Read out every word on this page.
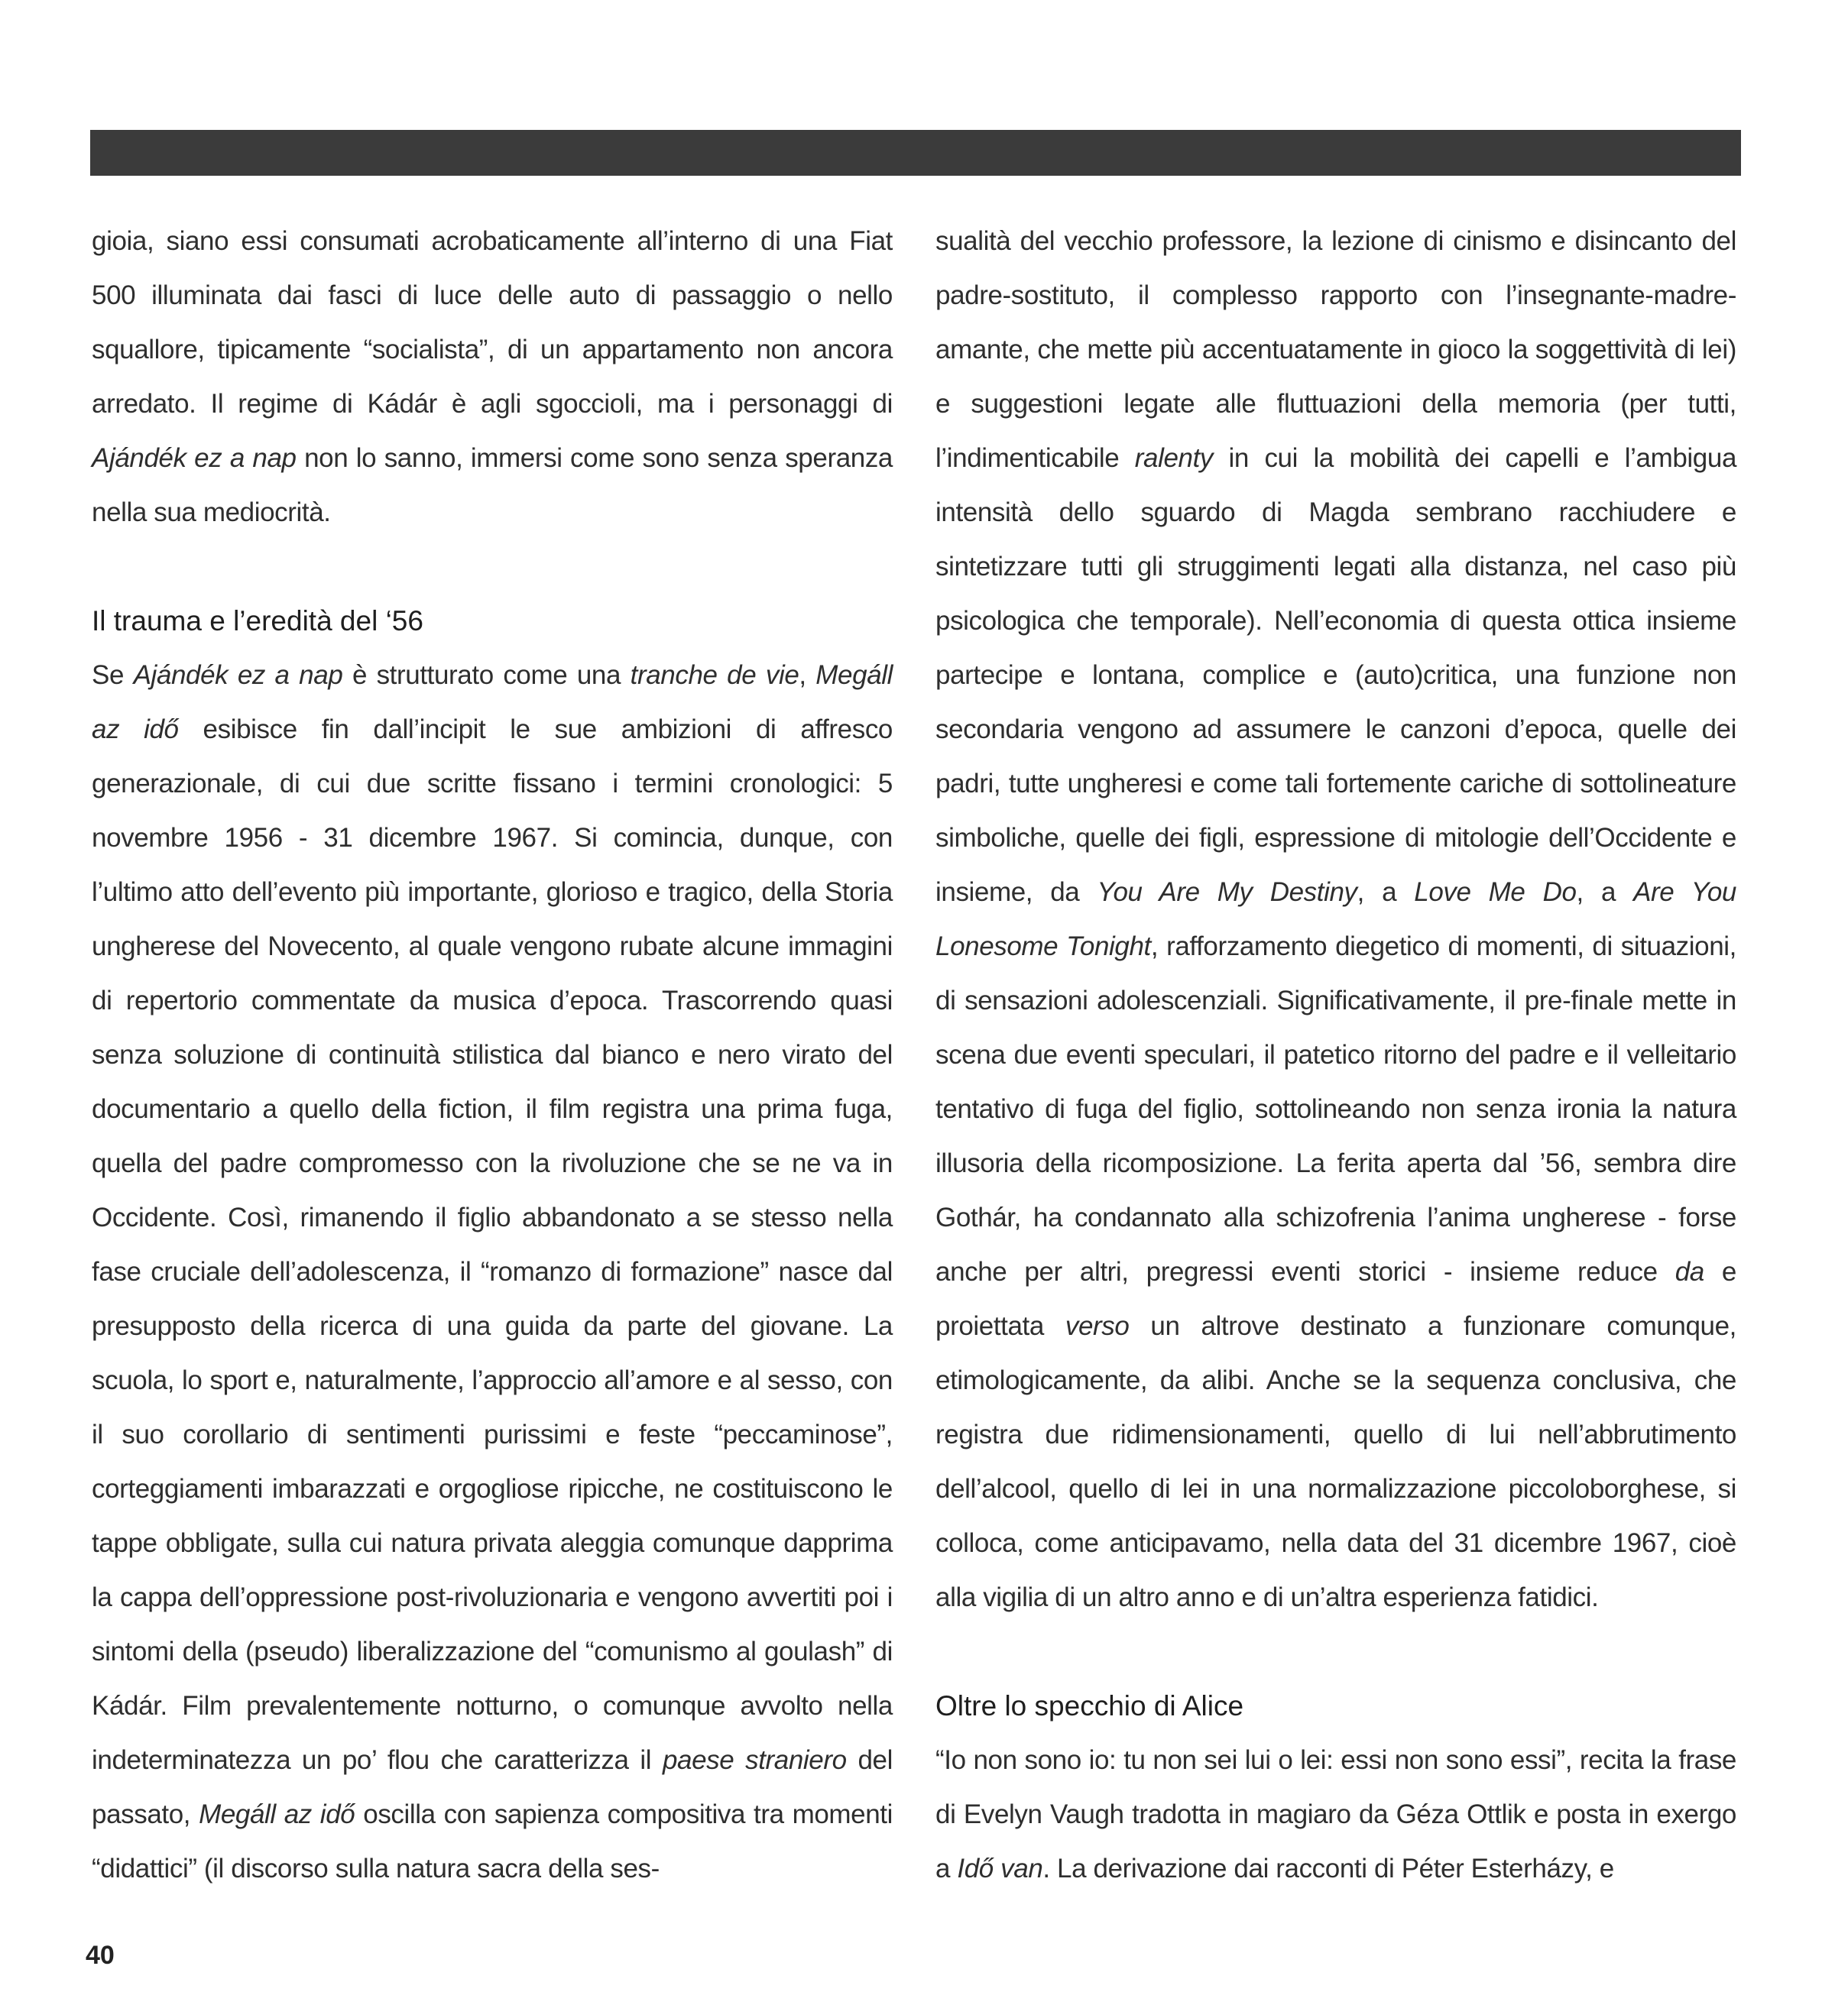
gioia, siano essi consumati acrobaticamente all’interno di una Fiat 500 illuminata dai fasci di luce delle auto di passaggio o nello squallore, tipicamente “socialista”, di un appartamento non ancora arredato. Il regime di Kádár è agli sgoccioli, ma i personaggi di Ajándék ez a nap non lo sanno, immersi come sono senza speranza nella sua mediocrità.

Il trauma e l’eredità del ‘56

Se Ajándék ez a nap è strutturato come una tranche de vie, Megáll az idő esibisce fin dall’incipit le sue ambizioni di affresco generazionale, di cui due scritte fissano i termini cronologici: 5 novembre 1956 - 31 dicembre 1967. Si comincia, dunque, con l’ultimo atto dell’evento più importante, glorioso e tragico, della Storia ungherese del Novecento, al quale vengono rubate alcune immagini di repertorio commentate da musica d’epoca. Trascorrendo quasi senza soluzione di continuità stilistica dal bianco e nero virato del documentario a quello della fiction, il film registra una prima fuga, quella del padre compromesso con la rivoluzione che se ne va in Occidente. Così, rimanendo il figlio abbandonato a se stesso nella fase cruciale dell’adolescenza, il “romanzo di formazione” nasce dal presupposto della ricerca di una guida da parte del giovane. La scuola, lo sport e, naturalmente, l’approccio all’amore e al sesso, con il suo corollario di sentimenti purissimi e feste “peccaminose”, corteggiamenti imbarazzati e orgogliose ripicche, ne costituiscono le tappe obbligate, sulla cui natura privata aleggia comunque dapprima la cappa dell’oppressione post-rivoluzionaria e vengono avvertiti poi i sintomi della (pseudo) liberalizzazione del “comunismo al goulash” di Kádár. Film prevalentemente notturno, o comunque avvolto nella indeterminatezza un po’ flou che caratterizza il paese straniero del passato, Megáll az idő oscilla con sapienza compositiva tra momenti “didattici” (il discorso sulla natura sacra della ses-

sualità del vecchio professore, la lezione di cinismo e disincanto del padre-sostituto, il complesso rapporto con l’insegnante-madre-amante, che mette più accentuatamente in gioco la soggettività di lei) e suggestioni legate alle fluttuazioni della memoria (per tutti, l’indimenticabile ralenty in cui la mobilità dei capelli e l’ambigua intensità dello sguardo di Magda sembrano racchiudere e sintetizzare tutti gli struggimenti legati alla distanza, nel caso più psicologica che temporale). Nell’economia di questa ottica insieme partecipe e lontana, complice e (auto)critica, una funzione non secondaria vengono ad assumere le canzoni d’epoca, quelle dei padri, tutte ungheresi e come tali fortemente cariche di sottolineature simboliche, quelle dei figli, espressione di mitologie dell’Occidente e insieme, da You Are My Destiny, a Love Me Do, a Are You Lonesome Tonight, rafforzamento diegetico di momenti, di situazioni, di sensazioni adolescenziali. Significativamente, il pre-finale mette in scena due eventi speculari, il patetico ritorno del padre e il velleitario tentativo di fuga del figlio, sottolineando non senza ironia la natura illusoria della ricomposizione. La ferita aperta dal ’56, sembra dire Gothár, ha condannato alla schizofrenia l’anima ungherese - forse anche per altri, pregressi eventi storici - insieme reduce da e proiettata verso un altrove destinato a funzionare comunque, etimologicamente, da alibi. Anche se la sequenza conclusiva, che registra due ridimensionamenti, quello di lui nell’abbrutimento dell’alcool, quello di lei in una normalizzazione piccoloborghese, si colloca, come anticipavamo, nella data del 31 dicembre 1967, cioè alla vigilia di un altro anno e di un’altra esperienza fatidici.

Oltre lo specchio di Alice

“Io non sono io: tu non sei lui o lei: essi non sono essi”, recita la frase di Evelyn Vaugh tradotta in magiaro da Géza Ottlik e posta in exergo a Idő van. La derivazione dai racconti di Péter Esterházy, e

40
